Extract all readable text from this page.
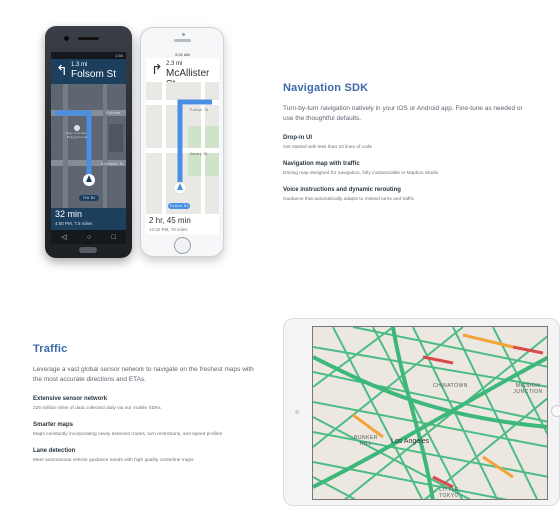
1:50
↰ 1.3 mi
Folsom St
Folsom
Shotwell St
Bay Curtain Playground
7th St
32 min
4:50 PM, 7.5 miles
◁	○	□
9:41 AM
↱ 2.3 mi
McAllister
Geary St
Fulton St
Fulton St
2 hr, 45 min
12:32 PM, 78 miles
Navigation SDK
Turn-by-turn navigation natively in your iOS or Android app. Fine-tune as needed or use the thoughtful defaults.
Drop-in UI
Get started with less than 10 lines of code
Navigation map with traffic
Driving map designed for navigation, fully customizable in Mapbox Studio
Voice instructions and dynamic rerouting
Guidance that automatically adapts to missed turns and traffic
Traffic
Leverage a vast global sensor network to navigate on the freshest maps with the most accurate directions and ETAs.
Extensive sensor network
225 million miles of data collected daily via our mobile SDKs
Smarter maps
Maps constantly incorporating newly detected routes, turn restrictions, and speed profiles
Lane detection
Meet autonomous vehicle guidance needs with high quality centerline maps
CHINATOWN	MISSION JUNCTION
BUNKER HILL
LITTLE TOKYO
Los Angeles
